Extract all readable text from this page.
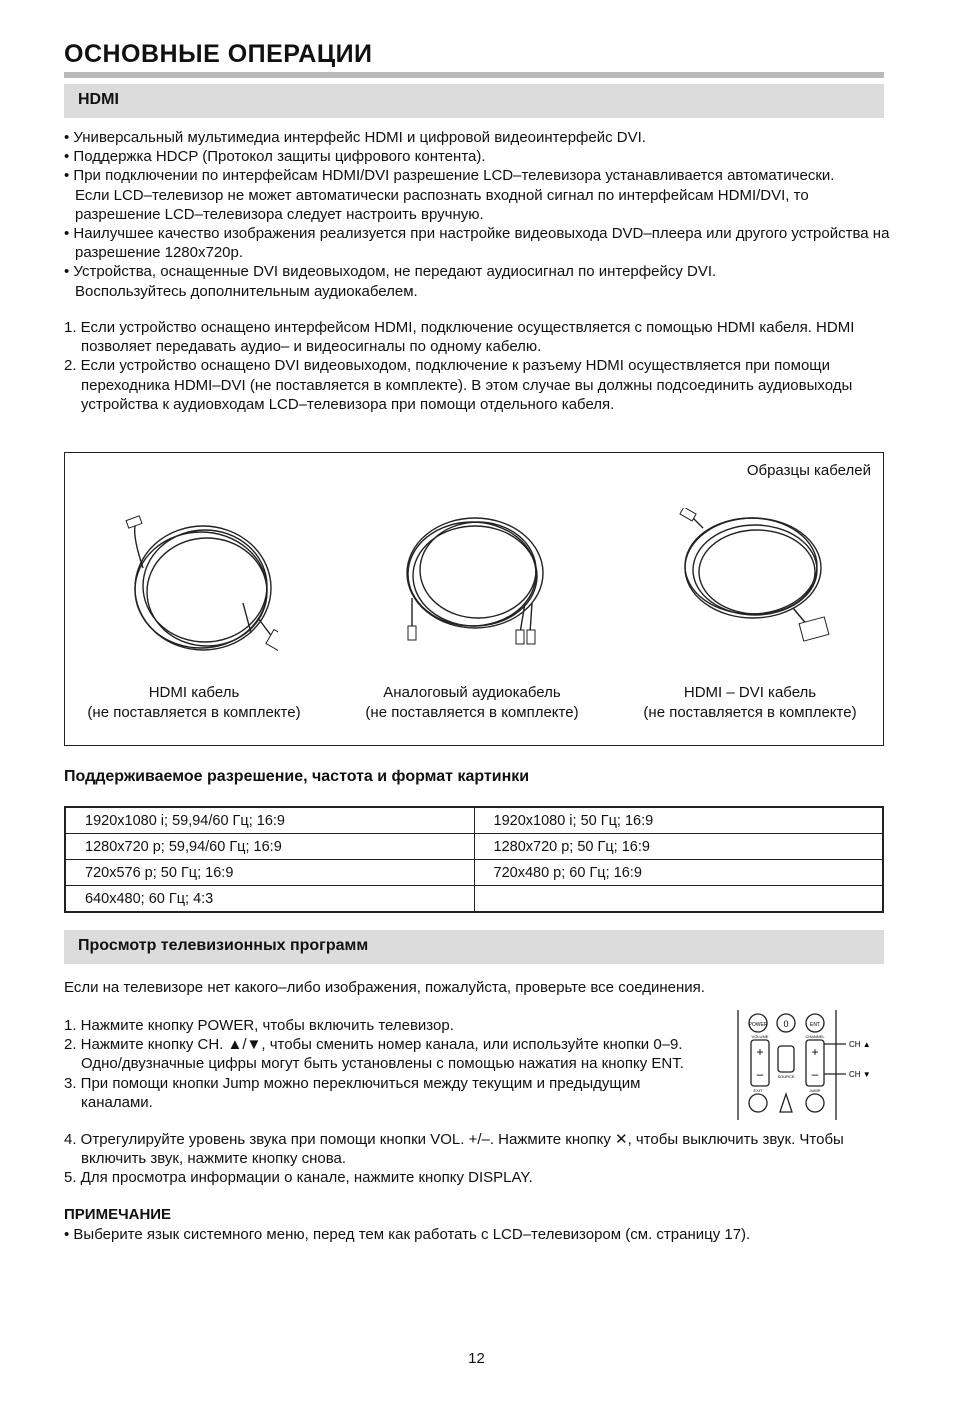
ОСНОВНЫЕ ОПЕРАЦИИ
HDMI

• Универсальный мультимедиа интерфейс HDMI и цифровой видеоинтерфейс DVI.

• Поддержка HDCP (Протокол защиты цифрового контента).

• При подключении по интерфейсам HDMI/DVI разрешение LCD–телевизора устанавливается автоматически. Если LCD–телевизор не может автоматически распознать входной сигнал по интерфейсам HDMI/DVI, то разрешение LCD–телевизора следует настроить вручную.

• Наилучшее качество изображения реализуется при настройке видеовыхода DVD–плеера или другого устройства на разрешение 1280x720p.

• Устройства, оснащенные DVI видеовыходом, не передают аудиосигнал по интерфейсу DVI. Воспользуйтесь дополнительным аудиокабелем.

1. Если устройство оснащено интерфейсом HDMI, подключение осуществляется с помощью HDMI кабеля. HDMI позволяет передавать аудио– и видеосигналы по одному кабелю.

2. Если устройство оснащено DVI видеовыходом, подключение к разъему HDMI осуществляется при помощи переходника HDMI–DVI (не поставляется в комплекте). В этом случае вы должны подсоединить аудиовыходы устройства к аудиовходам LCD–телевизора при помощи отдельного кабеля.

Образцы кабелей
HDMI кабель
(не поставляется в комплекте)
Аналоговый аудиокабель
(не поставляется в комплекте)
HDMI – DVI кабель
(не поставляется в комплекте)
Поддерживаемое разрешение, частота и формат картинки
1920x1080 i; 59,94/60 Гц; 16:9	1920x1080 i; 50 Гц; 16:9
1280x720 p; 59,94/60 Гц; 16:9	1280x720 p; 50 Гц; 16:9
720x576 p; 50 Гц; 16:9	720x480 p; 60 Гц; 16:9
640x480; 60 Гц; 4:3	
Просмотр телевизионных программ
Если на телевизоре нет какого–либо изображения, пожалуйста, проверьте все соединения.

1. Нажмите кнопку POWER, чтобы включить телевизор.

2. Нажмите кнопку CH. ▲/▼, чтобы сменить номер канала, или используйте кнопки 0–9. Одно/двузначные цифры могут быть установлены с помощью нажатия на кнопку ENT.

3. При помощи кнопки Jump можно переключиться между текущим и предыдущим каналами.

4. Отрегулируйте уровень звука при помощи кнопки VOL. +/–. Нажмите кнопку ✕, чтобы выключить звук. Чтобы включить звук, нажмите кнопку снова.

5. Для просмотра информации о канале, нажмите кнопку DISPLAY.

POWER 0	ENT
VOLUME	CHANNEL
SOURCE
EXIT	JUMP
+
–
+
–
CH ▲
CH ▼
ПРИМЕЧАНИЕ

• Выберите язык системного меню, перед тем как работать с LCD–телевизором (см. страницу 17).

12
